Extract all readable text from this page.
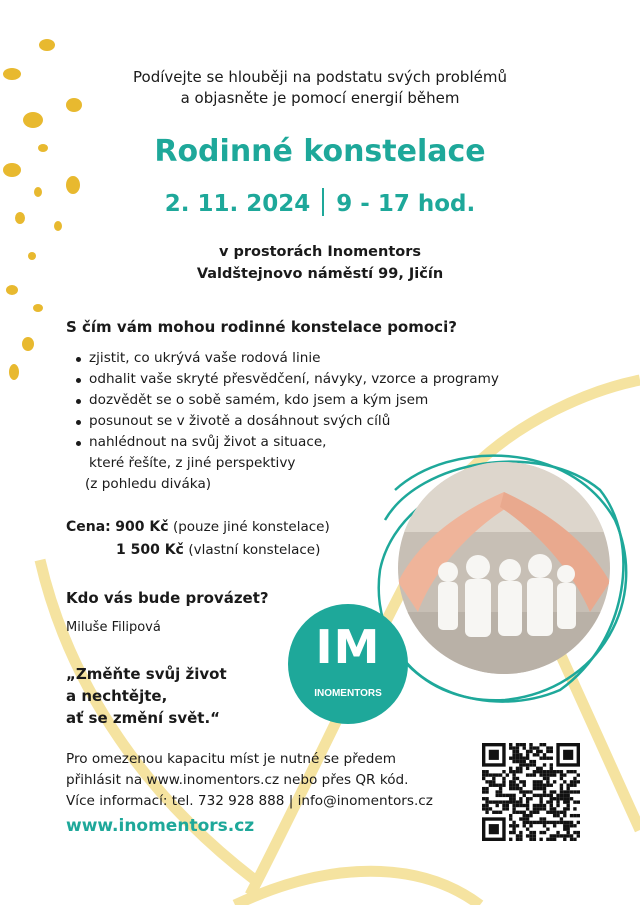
Podívejte se hlouběji na podstatu svých problémů
a objasněte je pomocí energií během
Rodinné konstelace
2. 11. 2024 9 - 17 hod.
v prostorách Inomentors
Valdštejnovo náměstí 99, Jičín
S čím vám mohou rodinné konstelace pomoci?
zjistit, co ukrývá vaše rodová linie
odhalit vaše skryté přesvědčení, návyky, vzorce a programy
dozvědět se o sobě samém, kdo jsem a kým jsem
posunout se v životě a dosáhnout svých cílů
nahlédnout na svůj život a situace,
které řešíte, z jiné perspektivy
(z pohledu diváka)
Cena: 900 Kč (pouze jiné konstelace)
1 500 Kč (vlastní konstelace)
Kdo vás bude provázet?
Miluše Filipová
„Změňte svůj život
a nechtějte,
ať se změní svět.“
IM
INOMENTORS
Pro omezenou kapacitu míst je nutné se předem
přihlásit na www.inomentors.cz nebo přes QR kód.
Více informací: tel. 732 928 888 | info@inomentors.cz
www.inomentors.cz
